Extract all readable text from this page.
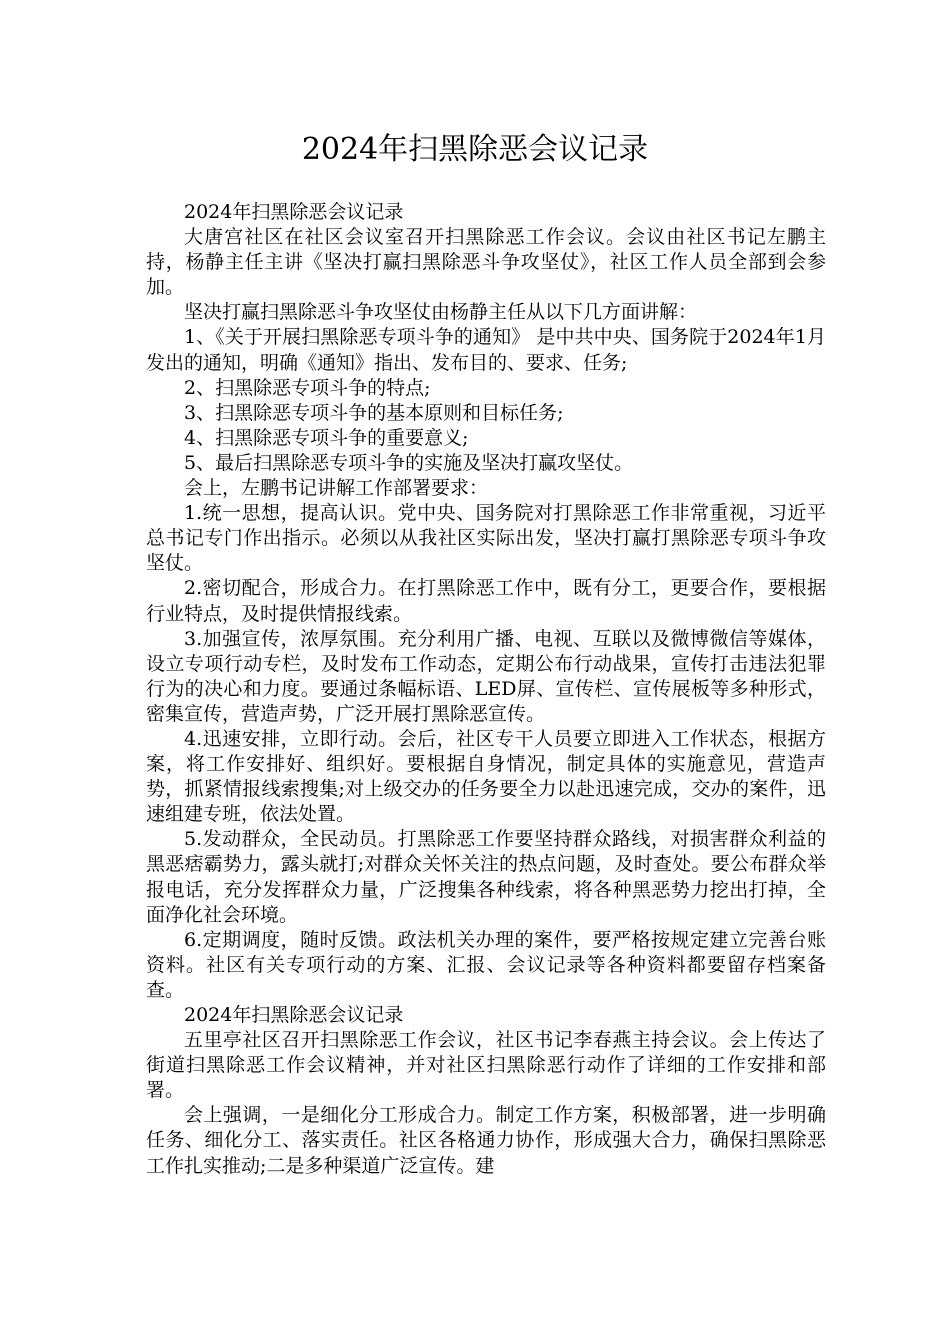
2024年扫黑除恶会议记录

2024年扫黑除恶会议记录

大唐宫社区在社区会议室召开扫黑除恶工作会议。会议由社区书记左鹏主持，杨静主任主讲《坚决打赢扫黑除恶斗争攻坚仗》，社区工作人员全部到会参加。

坚决打赢扫黑除恶斗争攻坚仗由杨静主任从以下几方面讲解：

1、《关于开展扫黑除恶专项斗争的通知》 是中共中央、国务院于2024年1月发出的通知，明确《通知》指出、发布目的、要求、任务;

2、扫黑除恶专项斗争的特点;

3、扫黑除恶专项斗争的基本原则和目标任务;

4、扫黑除恶专项斗争的重要意义;

5、最后扫黑除恶专项斗争的实施及坚决打赢攻坚仗。

会上，左鹏书记讲解工作部署要求：

1.统一思想，提高认识。党中央、国务院对打黑除恶工作非常重视，习近平总书记专门作出指示。必须以从我社区实际出发，坚决打赢打黑除恶专项斗争攻坚仗。

2.密切配合，形成合力。在打黑除恶工作中，既有分工，更要合作，要根据行业特点，及时提供情报线索。

3.加强宣传，浓厚氛围。充分利用广播、电视、互联以及微博微信等媒体，设立专项行动专栏，及时发布工作动态，定期公布行动战果，宣传打击违法犯罪行为的决心和力度。要通过条幅标语、LED屏、宣传栏、宣传展板等多种形式，密集宣传，营造声势，广泛开展打黑除恶宣传。

4.迅速安排，立即行动。会后，社区专干人员要立即进入工作状态，根据方案，将工作安排好、组织好。要根据自身情况，制定具体的实施意见，营造声势，抓紧情报线索搜集;对上级交办的任务要全力以赴迅速完成，交办的案件，迅速组建专班，依法处置。

5.发动群众，全民动员。打黑除恶工作要坚持群众路线，对损害群众利益的黑恶痞霸势力，露头就打;对群众关怀关注的热点问题，及时查处。要公布群众举报电话，充分发挥群众力量，广泛搜集各种线索，将各种黑恶势力挖出打掉，全面净化社会环境。

6.定期调度，随时反馈。政法机关办理的案件，要严格按规定建立完善台账资料。社区有关专项行动的方案、汇报、会议记录等各种资料都要留存档案备查。

2024年扫黑除恶会议记录

五里亭社区召开扫黑除恶工作会议，社区书记李春燕主持会议。会上传达了街道扫黑除恶工作会议精神，并对社区扫黑除恶行动作了详细的工作安排和部署。

会上强调，一是细化分工形成合力。制定工作方案，积极部署，进一步明确任务、细化分工、落实责任。社区各格通力协作，形成强大合力，确保扫黑除恶工作扎实推动;二是多种渠道广泛宣传。建
